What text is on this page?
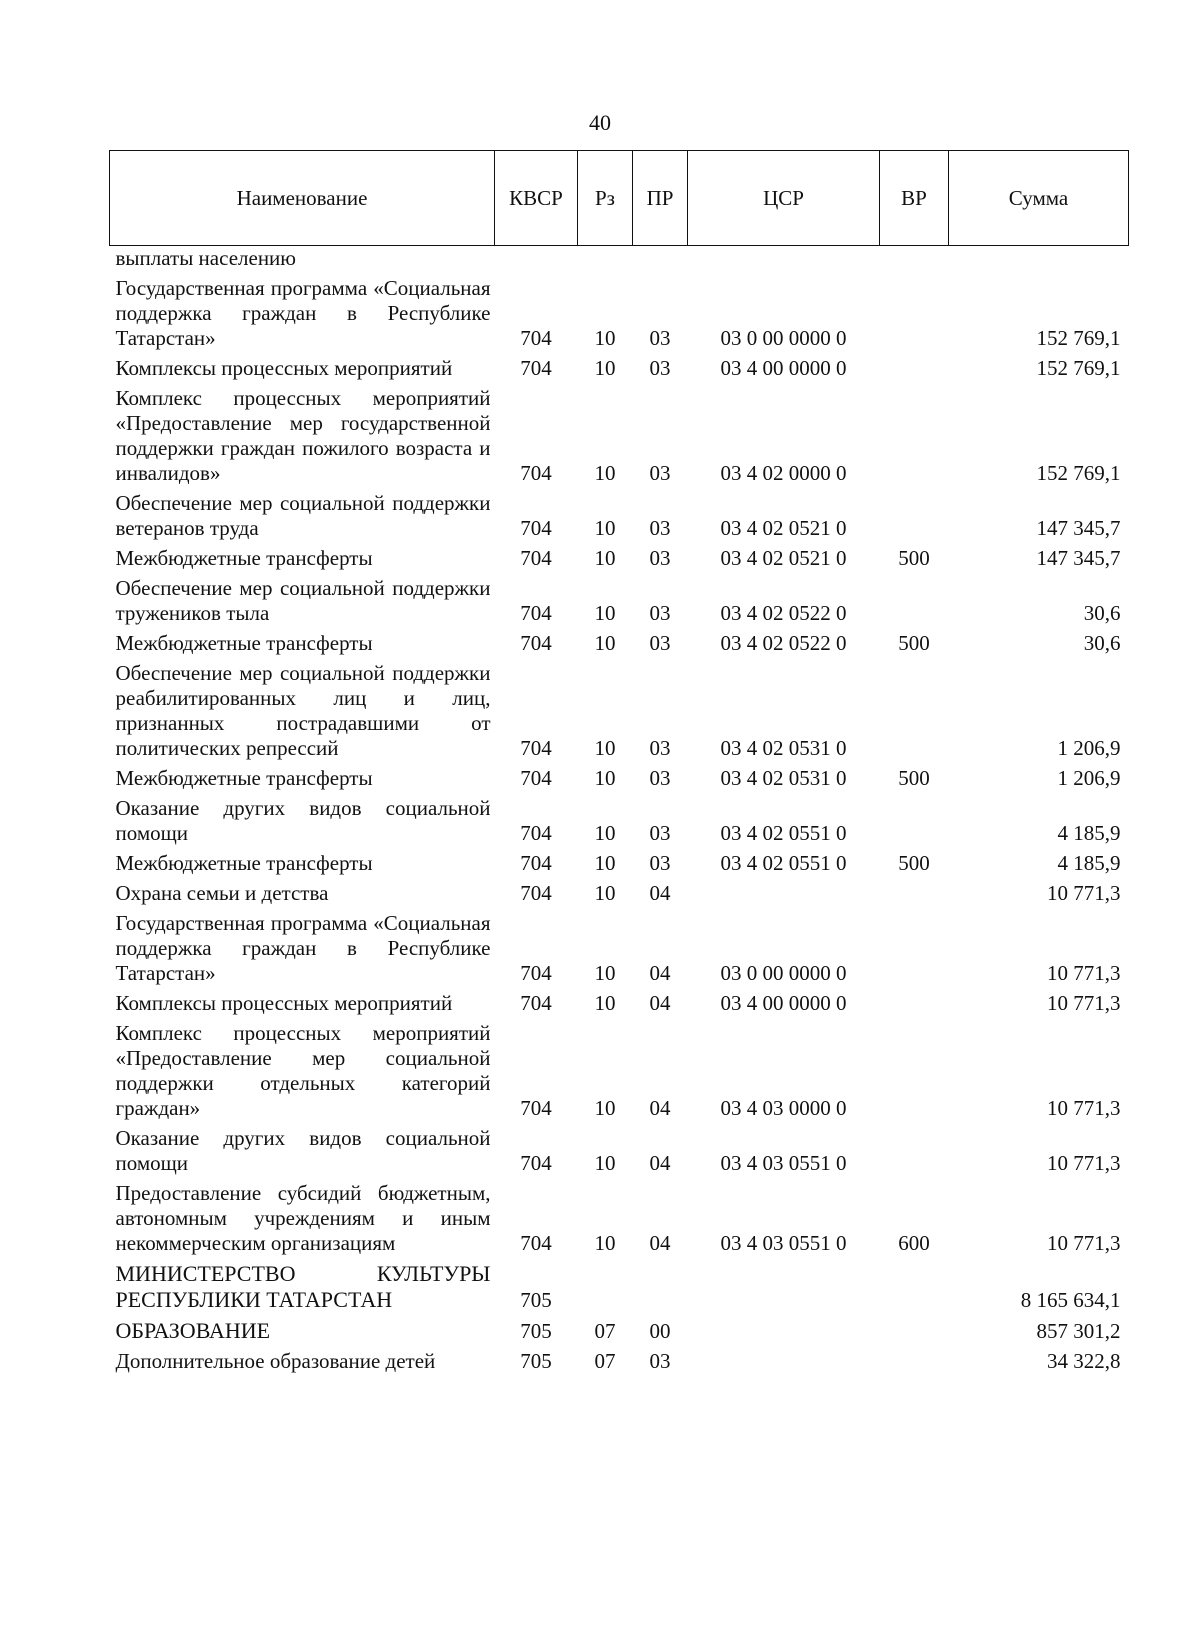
40
Наименование	КВСР	Рз	ПР	ЦСР	ВР	Сумма
выплаты населению						
Государственная программа «Социальная поддержка граждан в Республике Татарстан»	704	10	03	03 0 00 0000 0		152 769,1
Комплексы процессных мероприятий	704	10	03	03 4 00 0000 0		152 769,1
Комплекс процессных мероприятий «Предоставление мер государственной поддержки граждан пожилого возраста и инвалидов»	704	10	03	03 4 02 0000 0		152 769,1
Обеспечение мер социальной поддержки ветеранов труда	704	10	03	03 4 02 0521 0		147 345,7
Межбюджетные трансферты	704	10	03	03 4 02 0521 0	500	147 345,7
Обеспечение мер социальной поддержки тружеников тыла	704	10	03	03 4 02 0522 0		30,6
Межбюджетные трансферты	704	10	03	03 4 02 0522 0	500	30,6
Обеспечение мер социальной поддержки реабилитированных лиц и лиц, признанных пострадавшими от политических репрессий	704	10	03	03 4 02 0531 0		1 206,9
Межбюджетные трансферты	704	10	03	03 4 02 0531 0	500	1 206,9
Оказание других видов социальной помощи	704	10	03	03 4 02 0551 0		4 185,9
Межбюджетные трансферты	704	10	03	03 4 02 0551 0	500	4 185,9
Охрана семьи и детства	704	10	04			10 771,3
Государственная программа «Социальная поддержка граждан в Республике Татарстан»	704	10	04	03 0 00 0000 0		10 771,3
Комплексы процессных мероприятий	704	10	04	03 4 00 0000 0		10 771,3
Комплекс процессных мероприятий «Предоставление мер социальной поддержки отдельных категорий граждан»	704	10	04	03 4 03 0000 0		10 771,3
Оказание других видов социальной помощи	704	10	04	03 4 03 0551 0		10 771,3
Предоставление субсидий бюджетным, автономным учреждениям и иным некоммерческим организациям	704	10	04	03 4 03 0551 0	600	10 771,3
МИНИСТЕРСТВО КУЛЬТУРЫ РЕСПУБЛИКИ ТАТАРСТАН	705					8 165 634,1
ОБРАЗОВАНИЕ	705	07	00			857 301,2
Дополнительное образование детей	705	07	03			34 322,8
